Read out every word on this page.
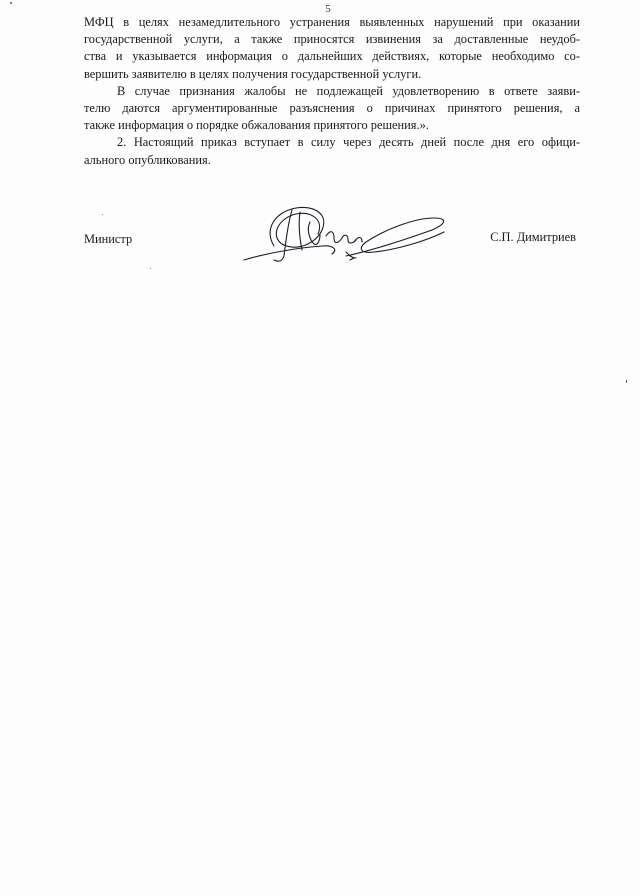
5

МФЦ в целях незамедлительного устранения выявленных нарушений при оказании
государственной услуги, а также приносятся извинения за доставленные неудоб-
ства и указывается информация о дальнейших действиях, которые необходимо со-
вершить заявителю в целях получения государственной услуги.

В случае признания жалобы не подлежащей удовлетворению в ответе заяви-
телю даются аргументированные разъяснения о причинах принятого решения, а
также информация о порядке обжалования принятого решения.».

2. Настоящий приказ вступает в силу через десять дней после дня его офици-
ального опубликования.

Министр	С.П. Димитриев
